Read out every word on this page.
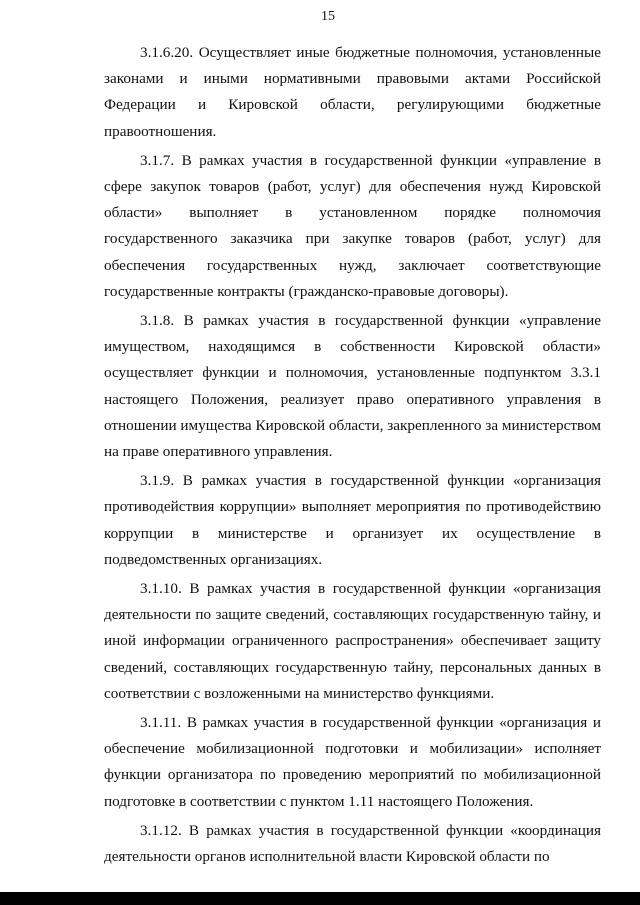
15

3.1.6.20. Осуществляет иные бюджетные полномочия, установленные законами и иными нормативными правовыми актами Российской Федерации и Кировской области, регулирующими бюджетные правоотношения.

3.1.7. В рамках участия в государственной функции «управление в сфере закупок товаров (работ, услуг) для обеспечения нужд Кировской области» выполняет в установленном порядке полномочия государственного заказчика при закупке товаров (работ, услуг) для обеспечения государственных нужд, заключает соответствующие государственные контракты (гражданско-правовые договоры).

3.1.8. В рамках участия в государственной функции «управление имуществом, находящимся в собственности Кировской области» осуществляет функции и полномочия, установленные подпунктом 3.3.1 настоящего Положения, реализует право оперативного управления в отношении имущества Кировской области, закрепленного за министерством на праве оперативного управления.

3.1.9. В рамках участия в государственной функции «организация противодействия коррупции» выполняет мероприятия по противодействию коррупции в министерстве и организует их осуществление в подведомственных организациях.

3.1.10. В рамках участия в государственной функции «организация деятельности по защите сведений, составляющих государственную тайну, и иной информации ограниченного распространения» обеспечивает защиту сведений, составляющих государственную тайну, персональных данных в соответствии с возложенными на министерство функциями.

3.1.11. В рамках участия в государственной функции «организация и обеспечение мобилизационной подготовки и мобилизации» исполняет функции организатора по проведению мероприятий по мобилизационной подготовке в соответствии с пунктом 1.11 настоящего Положения.

3.1.12. В рамках участия в государственной функции «координация деятельности органов исполнительной власти Кировской области по
